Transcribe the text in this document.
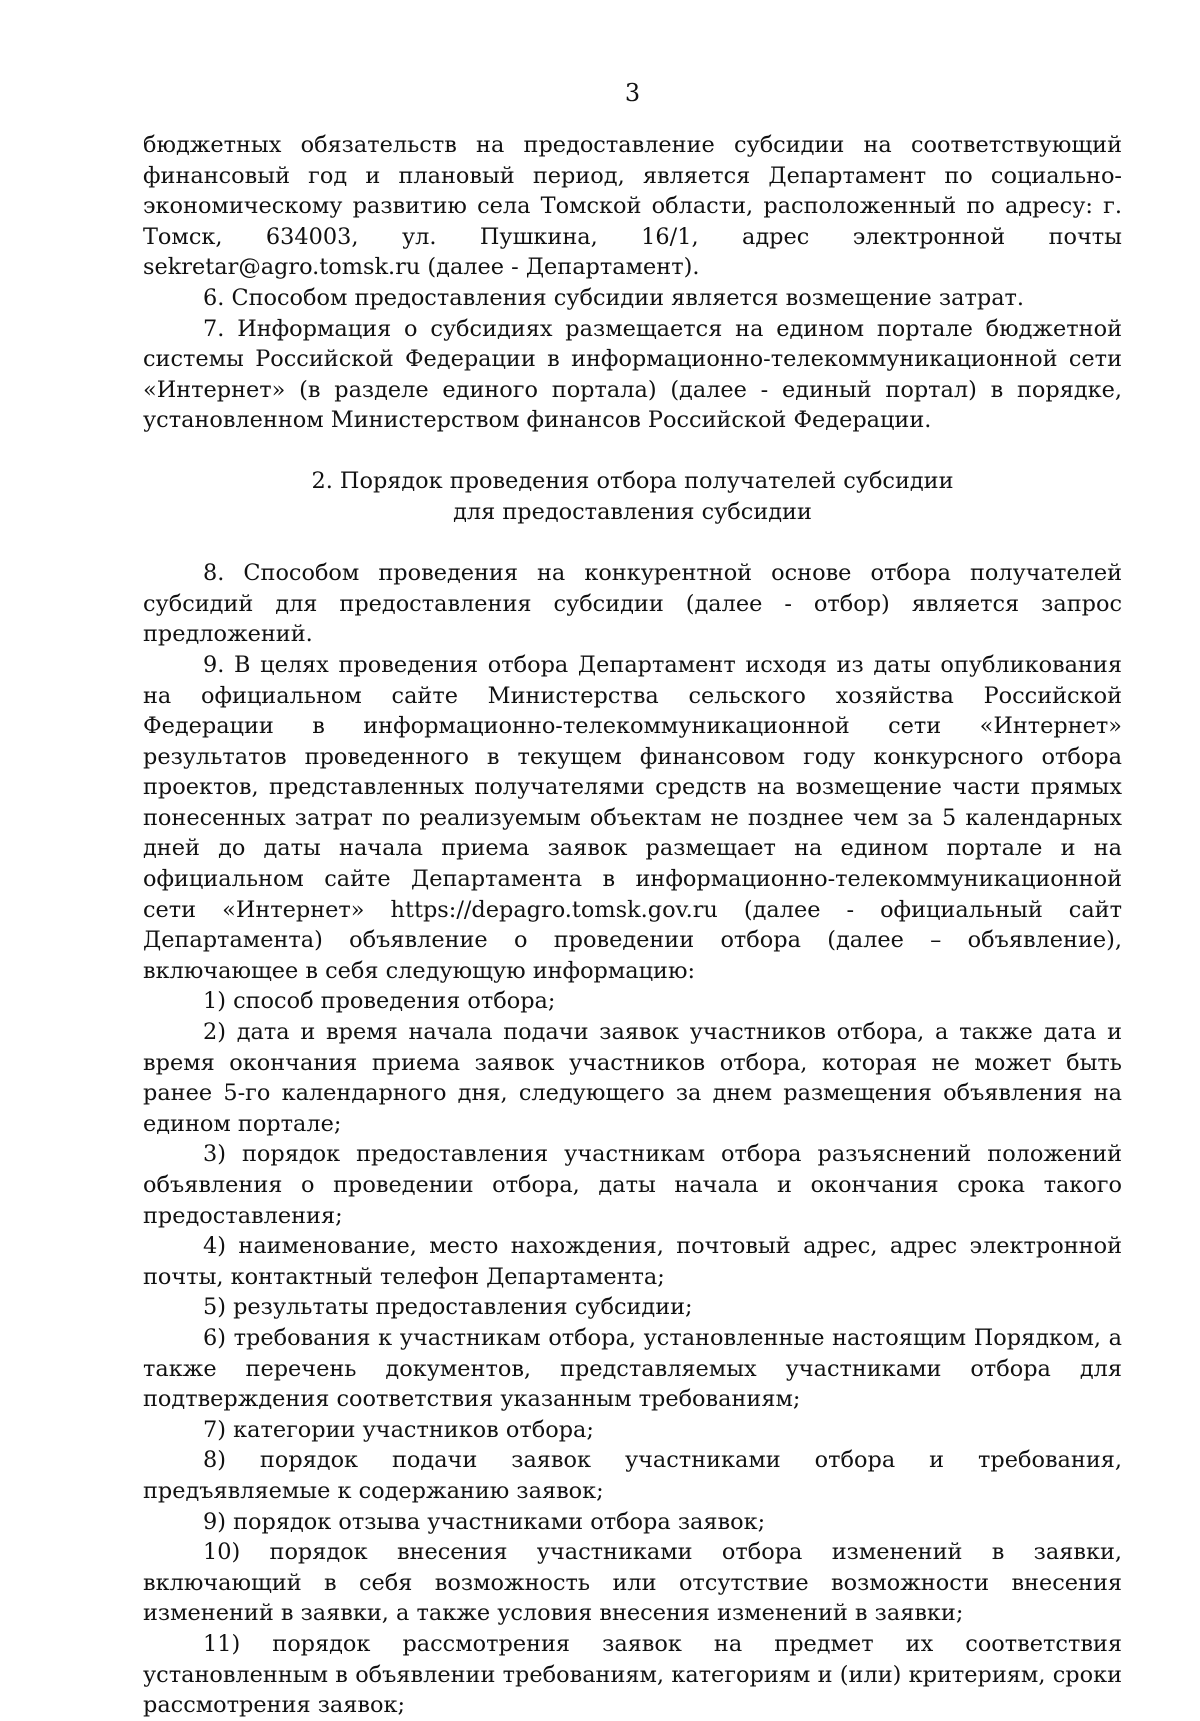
3

бюджетных обязательств на предоставление субсидии на соответствующий финансовый год и плановый период, является Департамент по социально-экономическому развитию села Томской области, расположенный по адресу: г. Томск, 634003, ул. Пушкина, 16/1, адрес электронной почты sekretar@agro.tomsk.ru (далее - Департамент).

6. Способом предоставления субсидии является возмещение затрат.

7. Информация о субсидиях размещается на едином портале бюджетной системы Российской Федерации в информационно-телекоммуникационной сети «Интернет» (в разделе единого портала) (далее - единый портал) в порядке, установленном Министерством финансов Российской Федерации.

2. Порядок проведения отбора получателей субсидии
для предоставления субсидии

8. Способом проведения на конкурентной основе отбора получателей субсидий для предоставления субсидии (далее - отбор) является запрос предложений.

9. В целях проведения отбора Департамент исходя из даты опубликования на официальном сайте Министерства сельского хозяйства Российской Федерации в информационно-телекоммуникационной сети «Интернет» результатов проведенного в текущем финансовом году конкурсного отбора проектов, представленных получателями средств на возмещение части прямых понесенных затрат по реализуемым объектам не позднее чем за 5 календарных дней до даты начала приема заявок размещает на едином портале и на официальном сайте Департамента в информационно-телекоммуникационной сети «Интернет» https://depagro.tomsk.gov.ru (далее - официальный сайт Департамента) объявление о проведении отбора (далее – объявление), включающее в себя следующую информацию:

1) способ проведения отбора;

2) дата и время начала подачи заявок участников отбора, а также дата и время окончания приема заявок участников отбора, которая не может быть ранее 5-го календарного дня, следующего за днем размещения объявления на едином портале;

3) порядок предоставления участникам отбора разъяснений положений объявления о проведении отбора, даты начала и окончания срока такого предоставления;

4) наименование, место нахождения, почтовый адрес, адрес электронной почты, контактный телефон Департамента;

5) результаты предоставления субсидии;

6) требования к участникам отбора, установленные настоящим Порядком, а также перечень документов, представляемых участниками отбора для подтверждения соответствия указанным требованиям;

7) категории участников отбора;

8) порядок подачи заявок участниками отбора и требования, предъявляемые к содержанию заявок;

9) порядок отзыва участниками отбора заявок;

10) порядок внесения участниками отбора изменений в заявки, включающий в себя возможность или отсутствие возможности внесения изменений в заявки, а также условия внесения изменений в заявки;

11) порядок рассмотрения заявок на предмет их соответствия установленным в объявлении требованиям, категориям и (или) критериям, сроки рассмотрения заявок;
